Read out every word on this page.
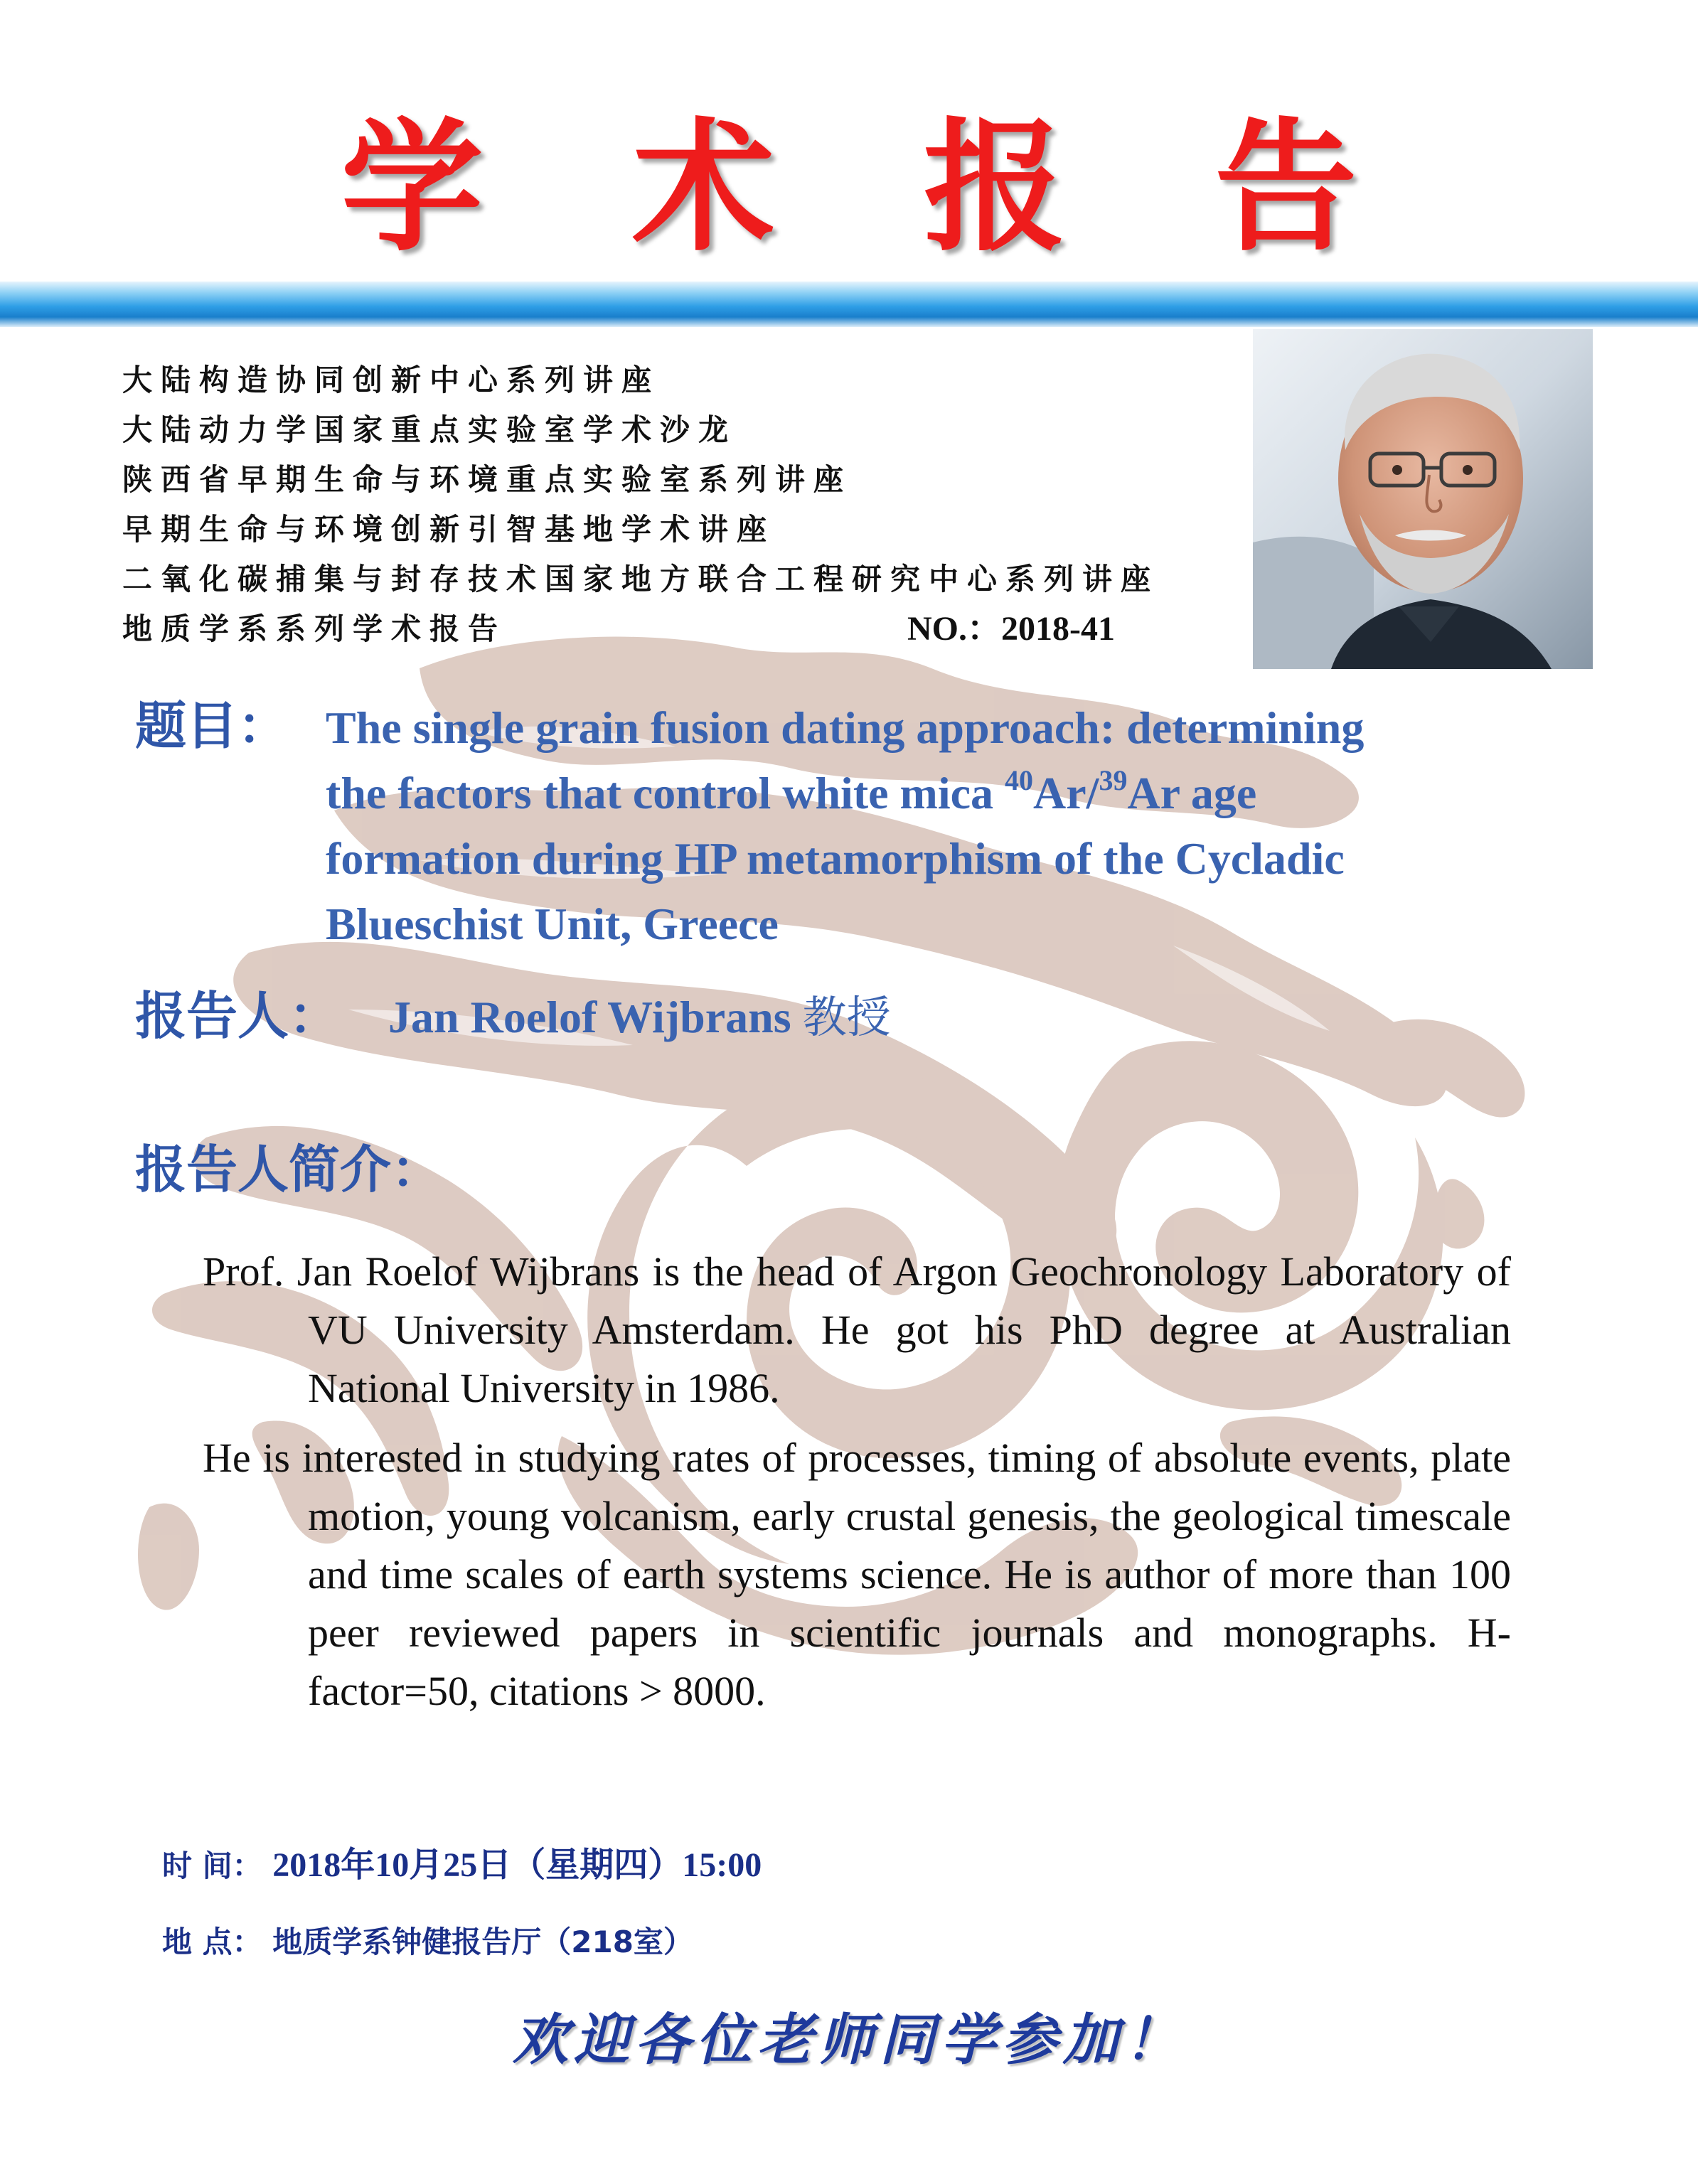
学 术 报 告
大陆构造协同创新中心系列讲座
大陆动力学国家重点实验室学术沙龙
陕西省早期生命与环境重点实验室系列讲座
早期生命与环境创新引智基地学术讲座
二氧化碳捕集与封存技术国家地方联合工程研究中心系列讲座
地质学系系列学术报告	NO.：2018-41
题目： The single grain fusion dating approach: determining
the factors that control white mica $^{40}$Ar/$^{39}$Ar age
formation during HP metamorphism of the Cycladic
Blueschist Unit, Greece
报告人： Jan Roelof Wijbrans 教授
报告人简介：
Prof. Jan Roelof Wijbrans is the head of Argon Geochronology Laboratory of VU University Amsterdam. He got his PhD degree at Australian National University in 1986.
He is interested in studying rates of processes, timing of absolute events, plate motion, young volcanism, early crustal genesis, the geological timescale and time scales of earth systems science. He is author of more than 100 peer reviewed papers in scientific journals and monographs. H-factor=50, citations > 8000.
时 间： 2018年10月25日（星期四）15:00
地 点： 地质学系钟健报告厅（218室）
欢迎各位老师同学参加！
